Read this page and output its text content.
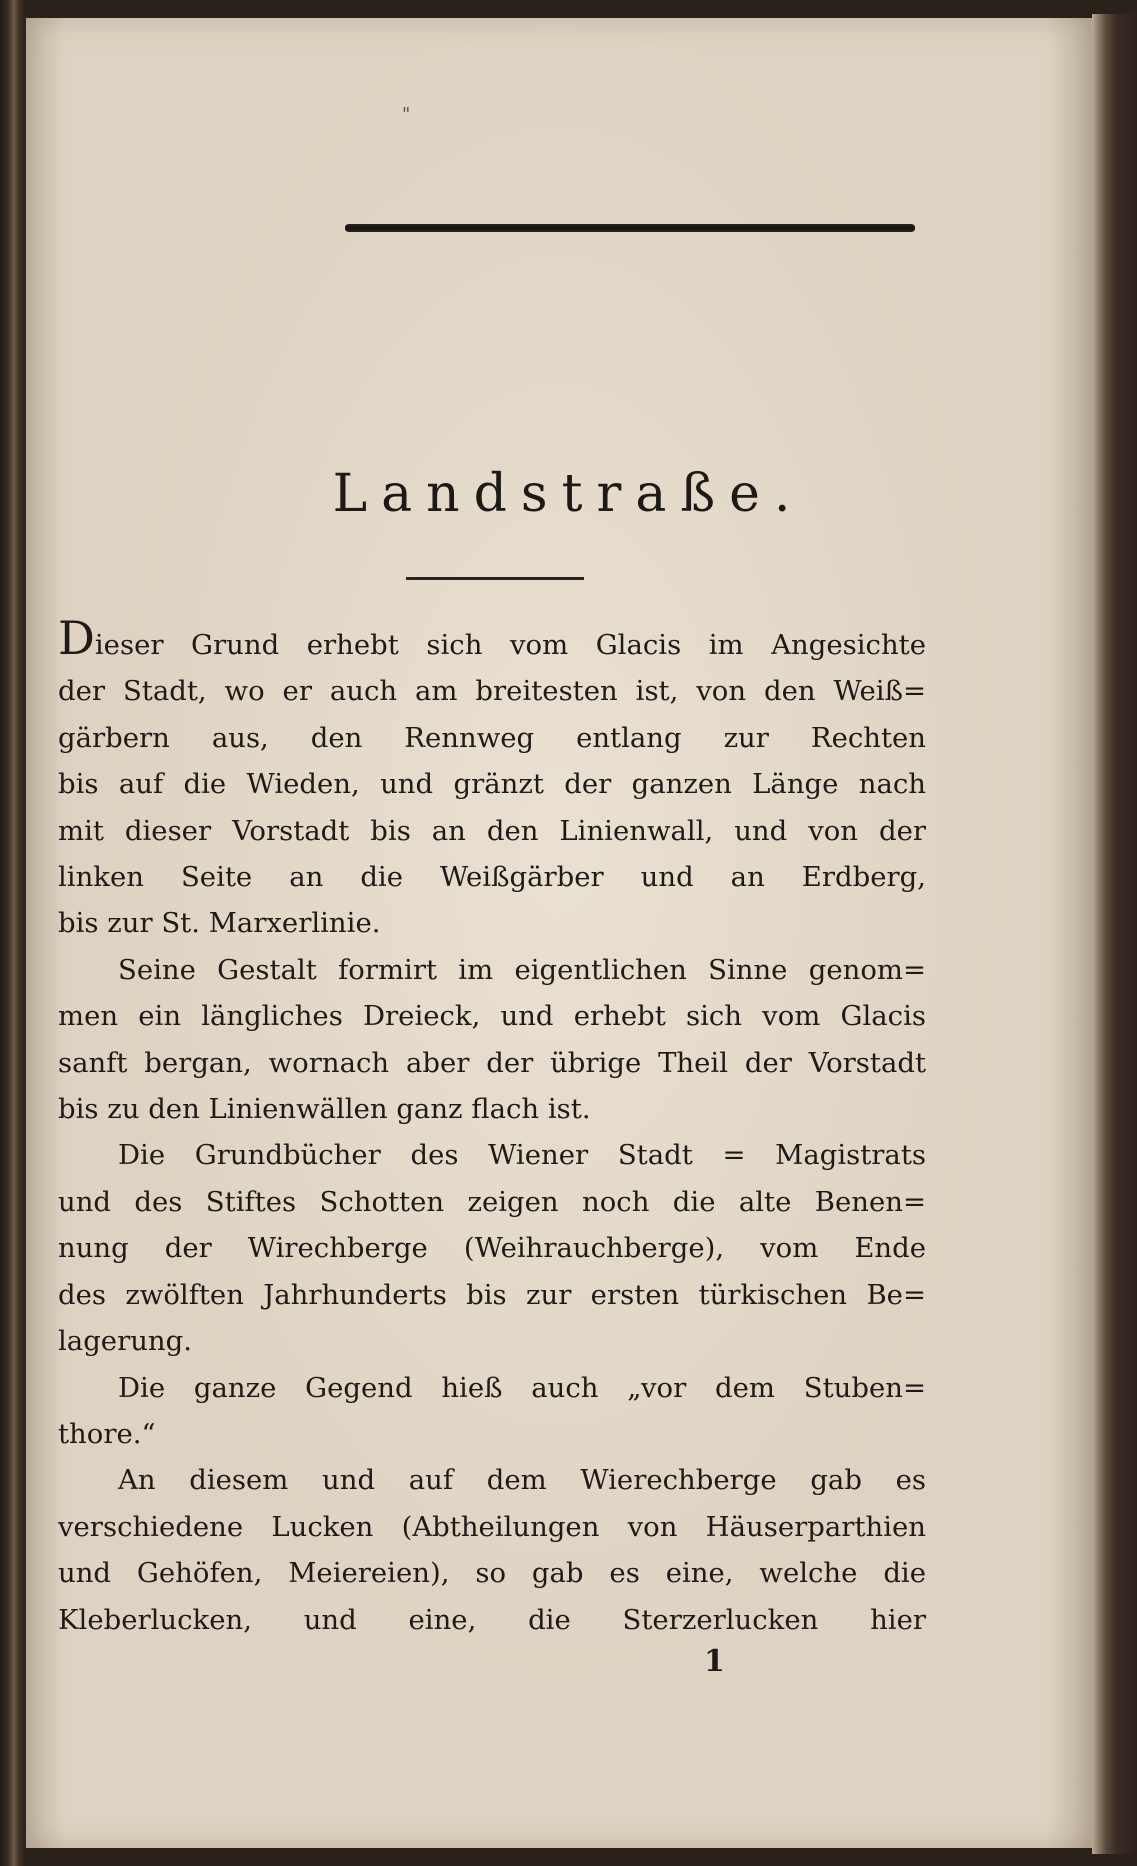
"
Landstraße.
Dieser Grund erhebt sich vom Glacis im Angesichte
der Stadt, wo er auch am breitesten ist, von den Weiß=
gärbern aus, den Rennweg entlang zur Rechten
bis auf die Wieden, und gränzt der ganzen Länge nach
mit dieser Vorstadt bis an den Linienwall, und von der
linken Seite an die Weißgärber und an Erdberg,
bis zur St. Marxerlinie.
Seine Gestalt formirt im eigentlichen Sinne genom=
men ein längliches Dreieck, und erhebt sich vom Glacis
sanft bergan, wornach aber der übrige Theil der Vorstadt
bis zu den Linienwällen ganz flach ist.
Die Grundbücher des Wiener Stadt = Magistrats
und des Stiftes Schotten zeigen noch die alte Benen=
nung der Wirechberge (Weihrauchberge), vom Ende
des zwölften Jahrhunderts bis zur ersten türkischen Be=
lagerung.
Die ganze Gegend hieß auch „vor dem Stuben=
thore.“
An diesem und auf dem Wierechberge gab es
verschiedene Lucken (Abtheilungen von Häuserparthien
und Gehöfen, Meiereien), so gab es eine, welche die
Kleberlucken, und eine, die Sterzerlucken hier
1
